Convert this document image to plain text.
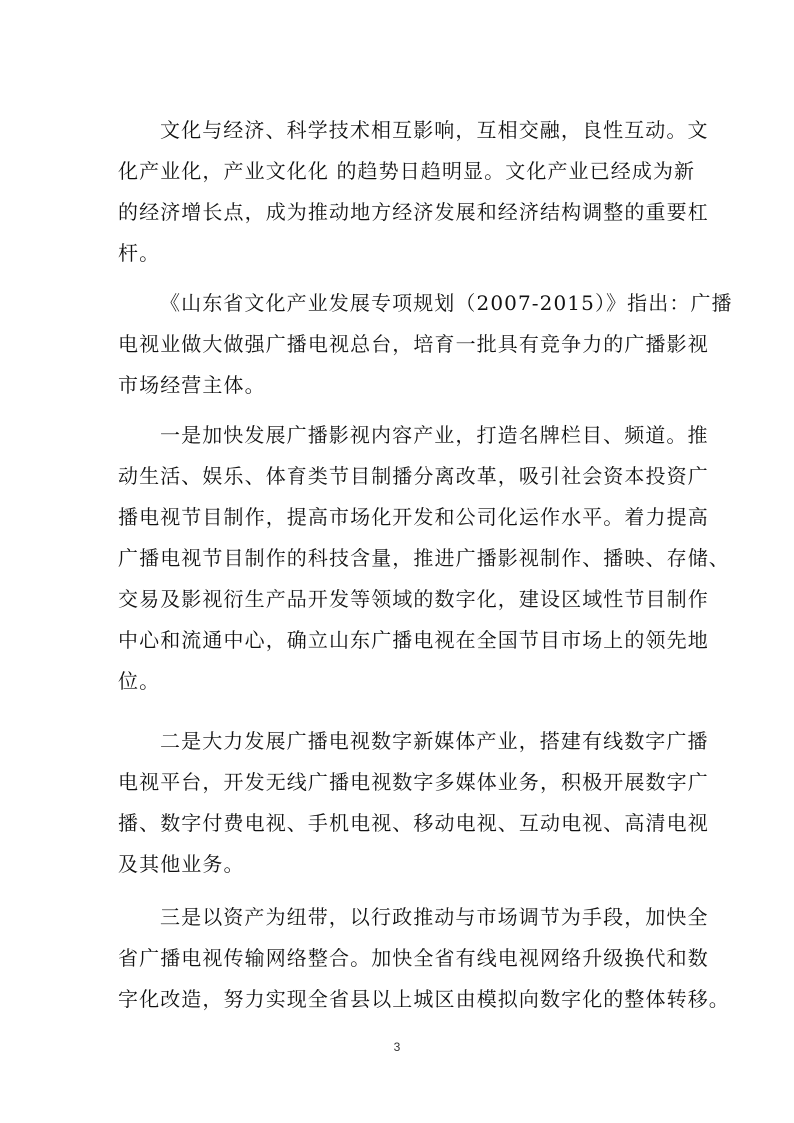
文化与经济、科学技术相互影响，互相交融，良性互动。文
化产业化，产业文化化 的趋势日趋明显。文化产业已经成为新
的经济增长点，成为推动地方经济发展和经济结构调整的重要杠
杆。
《山东省文化产业发展专项规划（2007-2015）》指出：广播
电视业做大做强广播电视总台，培育一批具有竞争力的广播影视
市场经营主体。
一是加快发展广播影视内容产业，打造名牌栏目、频道。推
动生活、娱乐、体育类节目制播分离改革，吸引社会资本投资广
播电视节目制作，提高市场化开发和公司化运作水平。着力提高
广播电视节目制作的科技含量，推进广播影视制作、播映、存储、
交易及影视衍生产品开发等领域的数字化，建设区域性节目制作
中心和流通中心，确立山东广播电视在全国节目市场上的领先地
位。
二是大力发展广播电视数字新媒体产业，搭建有线数字广播
电视平台，开发无线广播电视数字多媒体业务，积极开展数字广
播、数字付费电视、手机电视、移动电视、互动电视、高清电视
及其他业务。
三是以资产为纽带，以行政推动与市场调节为手段，加快全
省广播电视传输网络整合。加快全省有线电视网络升级换代和数
字化改造，努力实现全省县以上城区由模拟向数字化的整体转移。
3
